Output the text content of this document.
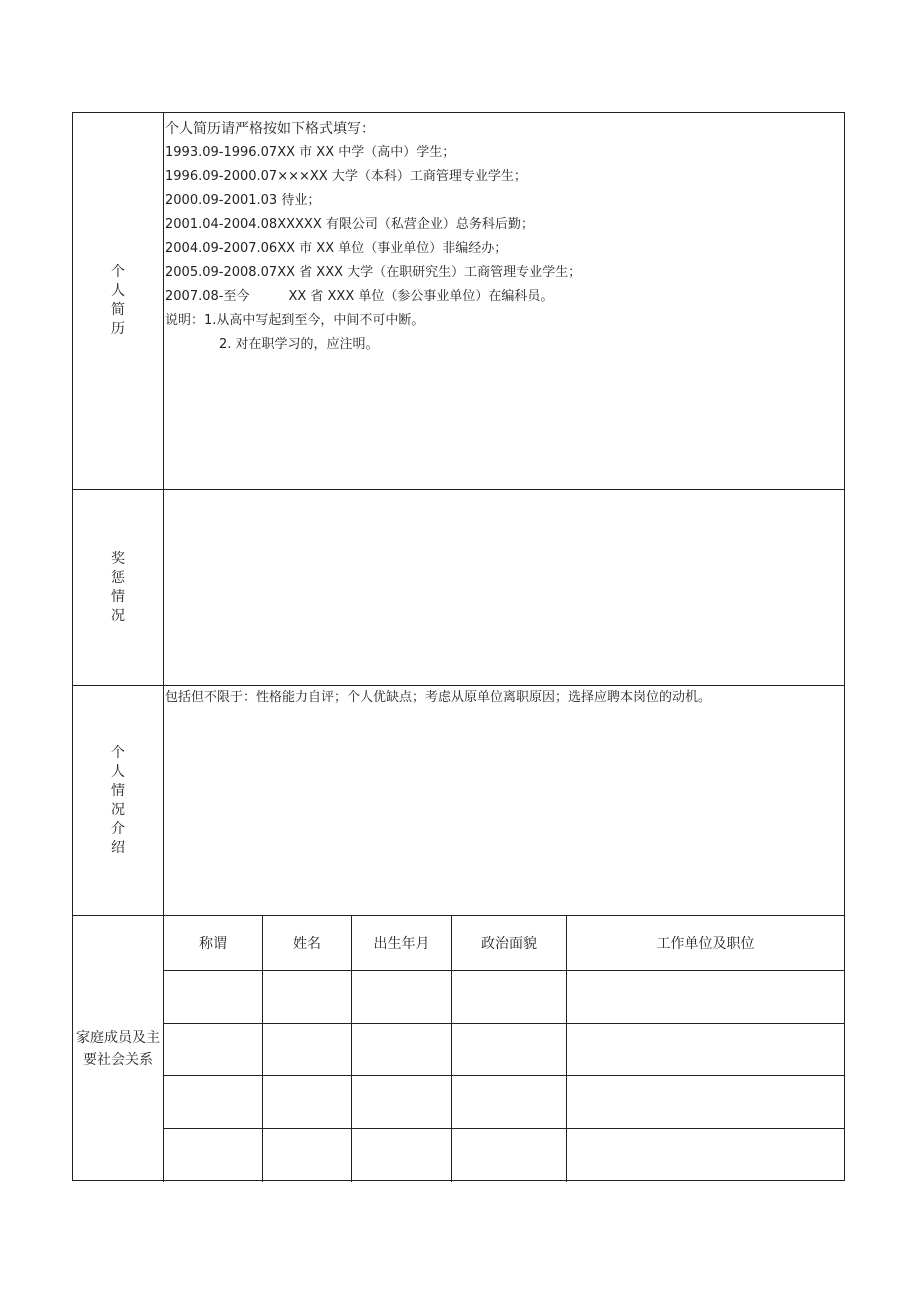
个人简历
个人简历请严格按如下格式填写：
1993.09-1996.07XX 市 XX 中学（高中）学生；
1996.09-2000.07×××XX 大学（本科）工商管理专业学生；
2000.09-2001.03 待业；
2001.04-2004.08XXXXX 有限公司（私营企业）总务科后勤；
2004.09-2007.06XX 市 XX 单位（事业单位）非编经办；
2005.09-2008.07XX 省 XXX 大学（在职研究生）工商管理专业学生；
2007.08-至今　　　XX 省 XXX 单位（参公事业单位）在编科员。
说明：1.从高中写起到至今，中间不可中断。
2. 对在职学习的，应注明。
奖惩情况
个人情况介绍
包括但不限于：性格能力自评；个人优缺点；考虑从原单位离职原因；选择应聘本岗位的动机。
家庭成员及主要社会关系
称谓	姓名	出生年月	政治面貌	工作单位及职位
